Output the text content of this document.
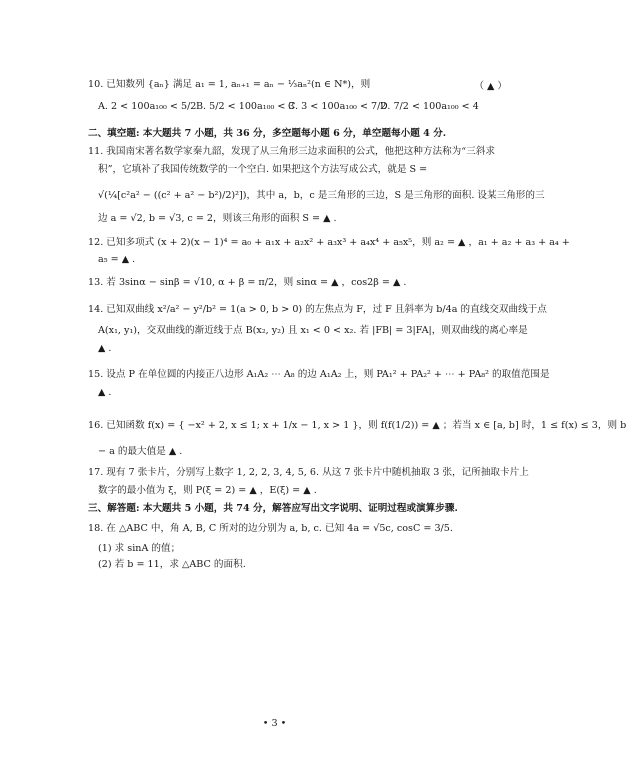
10. 已知数列 {aₙ} 满足 a₁ = 1, aₙ₊₁ = aₙ − ⅓aₙ²(n ∈ N*)，则	（ ▲ ）
A. 2 < 100a₁₀₀ < 5/2 B. 5/2 < 100a₁₀₀ < 3
C. 3 < 100a₁₀₀ < 7/2
D. 7/2 < 100a₁₀₀ < 4
二、填空题: 本大题共 7 小题，共 36 分，多空题每小题 6 分，单空题每小题 4 分.
11. 我国南宋著名数学家秦九韶，发现了从三角形三边求面积的公式，他把这种方法称为“三斜求
积”，它填补了我国传统数学的一个空白. 如果把这个方法写成公式，就是 S =
√(¼[c²a² − ((c² + a² − b²)/2)²])，其中 a，b，c 是三角形的三边，S 是三角形的面积. 设某三角形的三
边 a = √2, b = √3, c = 2，则该三角形的面积 S = ▲ .
12. 已知多项式 (x + 2)(x − 1)⁴ = a₀ + a₁x + a₂x² + a₃x³ + a₄x⁴ + a₅x⁵，则 a₂ = ▲ ，a₁ + a₂ + a₃ + a₄ +
a₅ = ▲ .
13. 若 3sinα − sinβ = √10, α + β = π/2，则 sinα = ▲ ，cos2β = ▲ .
14. 已知双曲线 x²/a² − y²/b² = 1(a > 0, b > 0) 的左焦点为 F，过 F 且斜率为 b/4a 的直线交双曲线于点
A(x₁, y₁)，交双曲线的渐近线于点 B(x₂, y₂) 且 x₁ < 0 < x₂. 若 |FB| = 3|FA|，则双曲线的离心率是
▲ .
15. 设点 P 在单位圆的内接正八边形 A₁A₂ ⋯ A₈ 的边 A₁A₂ 上，则 PA₁² + PA₂² + ⋯ + PA₈² 的取值范围是
▲ .
16. 已知函数 f(x) = { −x² + 2, x ≤ 1; x + 1/x − 1, x > 1 }，则 f(f(1/2)) = ▲ ；若当 x ∈ [a, b] 时，1 ≤ f(x) ≤ 3，则 b
− a 的最大值是 ▲ .
17. 现有 7 张卡片，分别写上数字 1, 2, 2, 3, 4, 5, 6. 从这 7 张卡片中随机抽取 3 张，记所抽取卡片上
数字的最小值为 ξ，则 P(ξ = 2) = ▲ ，E(ξ) = ▲ .
三、解答题: 本大题共 5 小题，共 74 分，解答应写出文字说明、证明过程或演算步骤.
18. 在 △ABC 中，角 A, B, C 所对的边分别为 a, b, c. 已知 4a = √5c, cosC = 3/5.
(1) 求 sinA 的值；
(2) 若 b = 11，求 △ABC 的面积.
• 3 •
